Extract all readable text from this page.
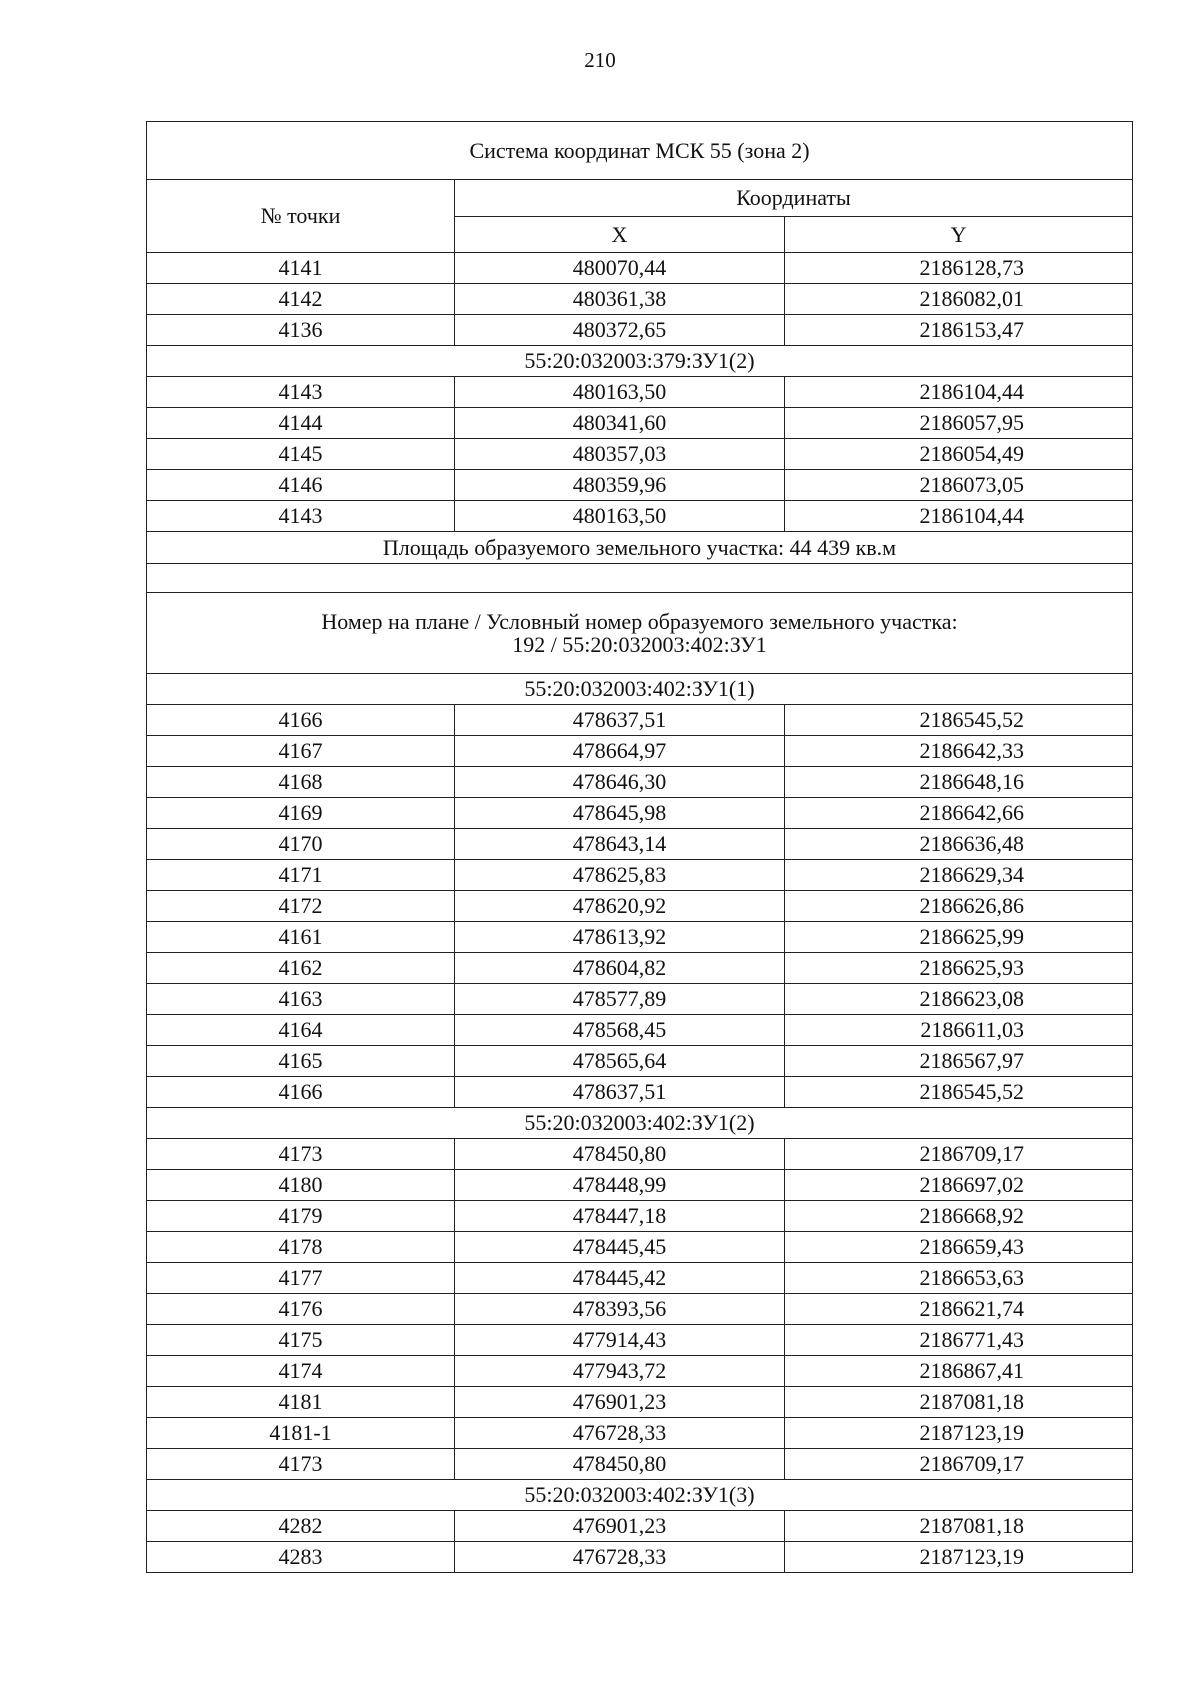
210
Система координат МСК 55 (зона 2)		
№ точки	Координаты	
	X	Y
4141	480070,44	2186128,73
4142	480361,38	2186082,01
4136	480372,65	2186153,47
55:20:032003:379:ЗУ1(2)		
4143	480163,50	2186104,44
4144	480341,60	2186057,95
4145	480357,03	2186054,49
4146	480359,96	2186073,05
4143	480163,50	2186104,44
Площадь образуемого земельного участка: 44 439 кв.м		

Номер на плане / Условный номер образуемого земельного участка:
192 / 55:20:032003:402:ЗУ1		

55:20:032003:402:ЗУ1(1)		
4166	478637,51	2186545,52
4167	478664,97	2186642,33
4168	478646,30	2186648,16
4169	478645,98	2186642,66
4170	478643,14	2186636,48
4171	478625,83	2186629,34
4172	478620,92	2186626,86
4161	478613,92	2186625,99
4162	478604,82	2186625,93
4163	478577,89	2186623,08
4164	478568,45	2186611,03
4165	478565,64	2186567,97
4166	478637,51	2186545,52
55:20:032003:402:ЗУ1(2)		
4173	478450,80	2186709,17
4180	478448,99	2186697,02
4179	478447,18	2186668,92
4178	478445,45	2186659,43
4177	478445,42	2186653,63
4176	478393,56	2186621,74
4175	477914,43	2186771,43
4174	477943,72	2186867,41
4181	476901,23	2187081,18
4181-1	476728,33	2187123,19
4173	478450,80	2186709,17
55:20:032003:402:ЗУ1(3)		
4282	476901,23	2187081,18
4283	476728,33	2187123,19
